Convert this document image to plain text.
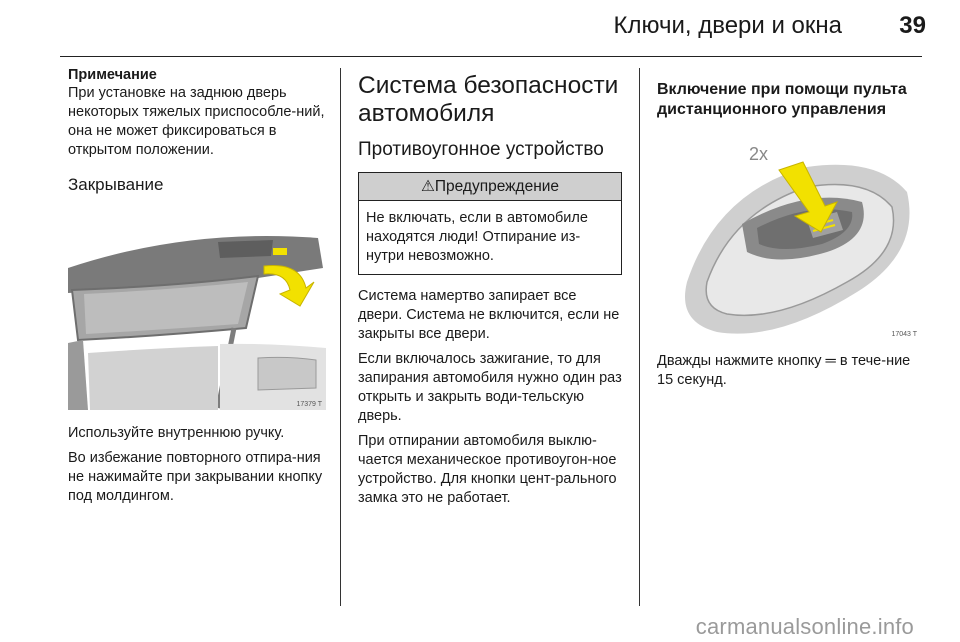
Ключи, двери и окна 39
Примечание

При установке на заднюю дверь некоторых тяжелых приспособле-ний, она не может фиксироваться в открытом положении.

Закрывание
17379 T

Используйте внутреннюю ручку.

Во избежание повторного отпира-ния не нажимайте при закрывании кнопку под молдингом.

Система безопасности автомобиля
Противоугонное устройство
⚠Предупреждение
Не включать, если в автомобиле находятся люди! Отпирание из-нутри невозможно.

Система намертво запирает все двери. Система не включится, если не закрыты все двери.

Если включалось зажигание, то для запирания автомобиля нужно один раз открыть и закрыть води-тельскую дверь.

При отпирании автомобиля выклю-чается механическое противоугон-ное устройство. Для кнопки цент-рального замка это не работает.

Включение при помощи пульта дистанционного управления
2x
17043 T

Дважды нажмите кнопку ═ в тече-ние 15 секунд.

carmanualsonline.info
